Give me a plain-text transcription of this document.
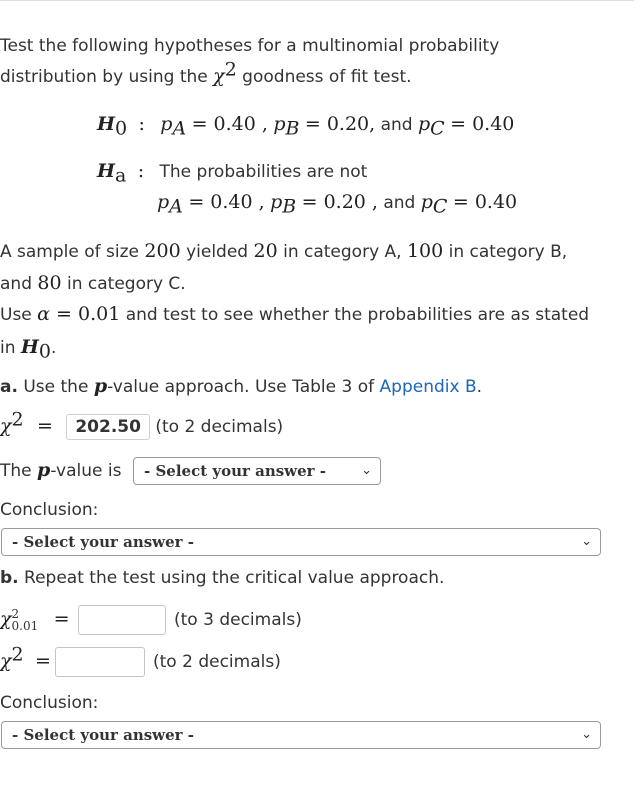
Test the following hypotheses for a multinomial probability
distribution by using the $\chi^2$ goodness of fit test.
$H_0$ : $p_A = 0.40$ , $p_B = 0.20$, and $p_C = 0.40$
$H_a$ : The probabilities are not
$p_A = 0.40$ , $p_B = 0.20$ , and $p_C = 0.40$
A sample of size 200 yielded 20 in category A, 100 in category B,
and 80 in category C.
Use α = 0.01 and test to see whether the probabilities are as stated
in $H_0$.
a. Use the p-value approach. Use Table 3 of Appendix B.
$\chi^2 = 202.50$ (to 2 decimals)
The p-value is	- Select your answer -	⌄
Conclusion:
- Select your answer -	⌄
b. Repeat the test using the critical value approach.
χ2
0.01 =	(to 3 decimals)
$\chi^2$ =	(to 2 decimals)
Conclusion:
- Select your answer -	⌄
